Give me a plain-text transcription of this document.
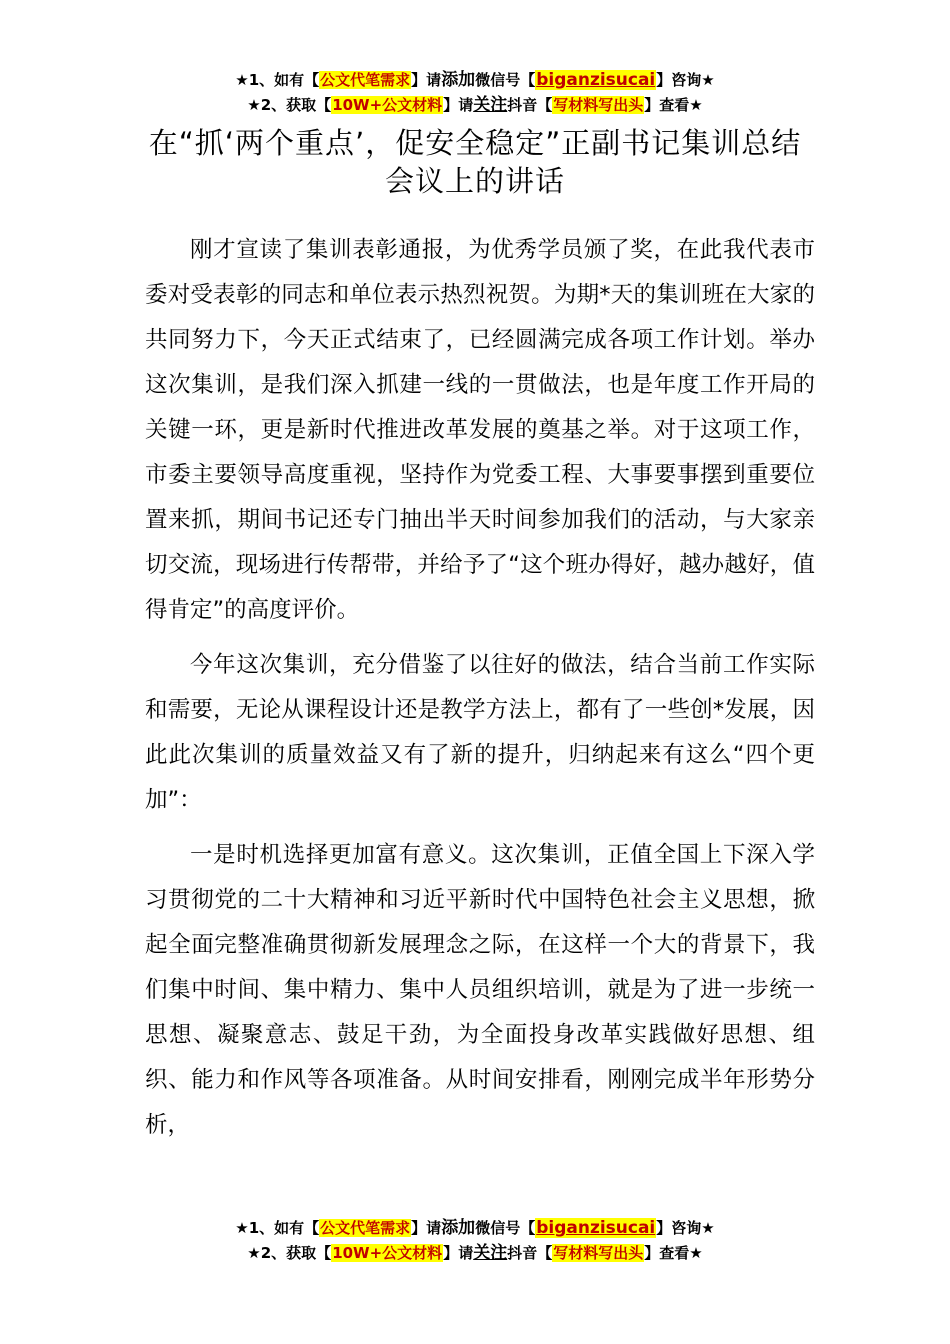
★1、如有【公文代笔需求】请添加微信号【biganzisucai】咨询★
★2、获取【10W+公文材料】请关注抖音【写材料写出头】查看★
在“抓‘两个重点’，促安全稳定”正副书记集训总结会议上的讲话

刚才宣读了集训表彰通报，为优秀学员颁了奖，在此我代表市委对受表彰的同志和单位表示热烈祝贺。为期*天的集训班在大家的共同努力下，今天正式结束了，已经圆满完成各项工作计划。举办这次集训，是我们深入抓建一线的一贯做法，也是年度工作开局的关键一环，更是新时代推进改革发展的奠基之举。对于这项工作，市委主要领导高度重视，坚持作为党委工程、大事要事摆到重要位置来抓，期间书记还专门抽出半天时间参加我们的活动，与大家亲切交流，现场进行传帮带，并给予了“这个班办得好，越办越好，值得肯定”的高度评价。

今年这次集训，充分借鉴了以往好的做法，结合当前工作实际和需要，无论从课程设计还是教学方法上，都有了一些创*发展，因此此次集训的质量效益又有了新的提升，归纳起来有这么“四个更加”：

一是时机选择更加富有意义。这次集训，正值全国上下深入学习贯彻党的二十大精神和习近平新时代中国特色社会主义思想，掀起全面完整准确贯彻新发展理念之际，在这样一个大的背景下，我们集中时间、集中精力、集中人员组织培训，就是为了进一步统一思想、凝聚意志、鼓足干劲，为全面投身改革实践做好思想、组织、能力和作风等各项准备。从时间安排看，刚刚完成半年形势分析，

★1、如有【公文代笔需求】请添加微信号【biganzisucai】咨询★
★2、获取【10W+公文材料】请关注抖音【写材料写出头】查看★
